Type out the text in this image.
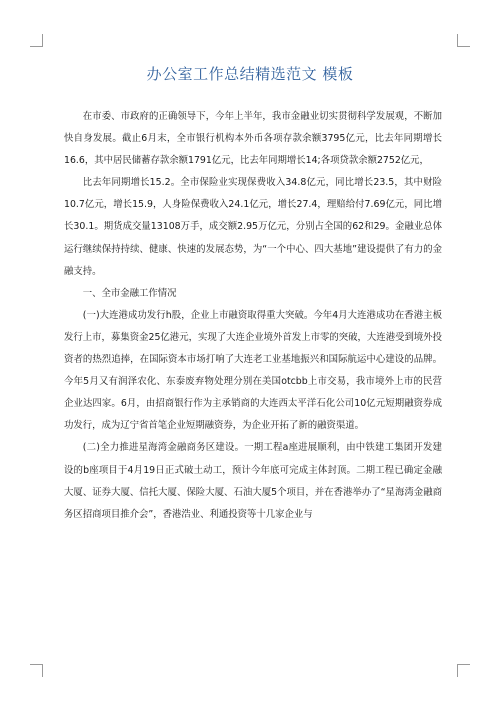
办公室工作总结精选范文 模板

在市委、市政府的正确领导下，今年上半年，我市金融业切实贯彻科学发展观，不断加快自身发展。截止6月末，全市银行机构本外币各项存款余额3795亿元，比去年同期增长16.6，其中居民储蓄存款余额1791亿元，比去年同期增长14;各项贷款余额2752亿元，

比去年同期增长15.2。全市保险业实现保费收入34.8亿元，同比增长23.5，其中财险10.7亿元，增长15.9，人身险保费收入24.1亿元，增长27.4，理赔给付7.69亿元，同比增长30.1。期货成交量13108万手，成交额2.95万亿元，分别占全国的62和29。金融业总体运行继续保持持续、健康、快速的发展态势，为“一个中心、四大基地”建设提供了有力的金融支持。

一、全市金融工作情况

(一)大连港成功发行h股，企业上市融资取得重大突破。今年4月大连港成功在香港主板发行上市，募集资金25亿港元，实现了大连企业境外首发上市零的突破，大连港受到境外投资者的热烈追捧，在国际资本市场打响了大连老工业基地振兴和国际航运中心建设的品牌。今年5月又有润泽农化、东泰废弃物处理分别在美国otcbb上市交易，我市境外上市的民营企业达四家。6月，由招商银行作为主承销商的大连西太平洋石化公司10亿元短期融资券成功发行，成为辽宁省首笔企业短期融资券，为企业开拓了新的融资渠道。

(二)全力推进星海湾金融商务区建设。一期工程a座进展顺利，由中铁建工集团开发建设的b座项目于4月19日正式破土动工，预计今年底可完成主体封顶。二期工程已确定金融大厦、证券大厦、信托大厦、保险大厦、石油大厦5个项目，并在香港举办了“星海湾金融商务区招商项目推介会”，香港浩业、利通投资等十几家企业与
